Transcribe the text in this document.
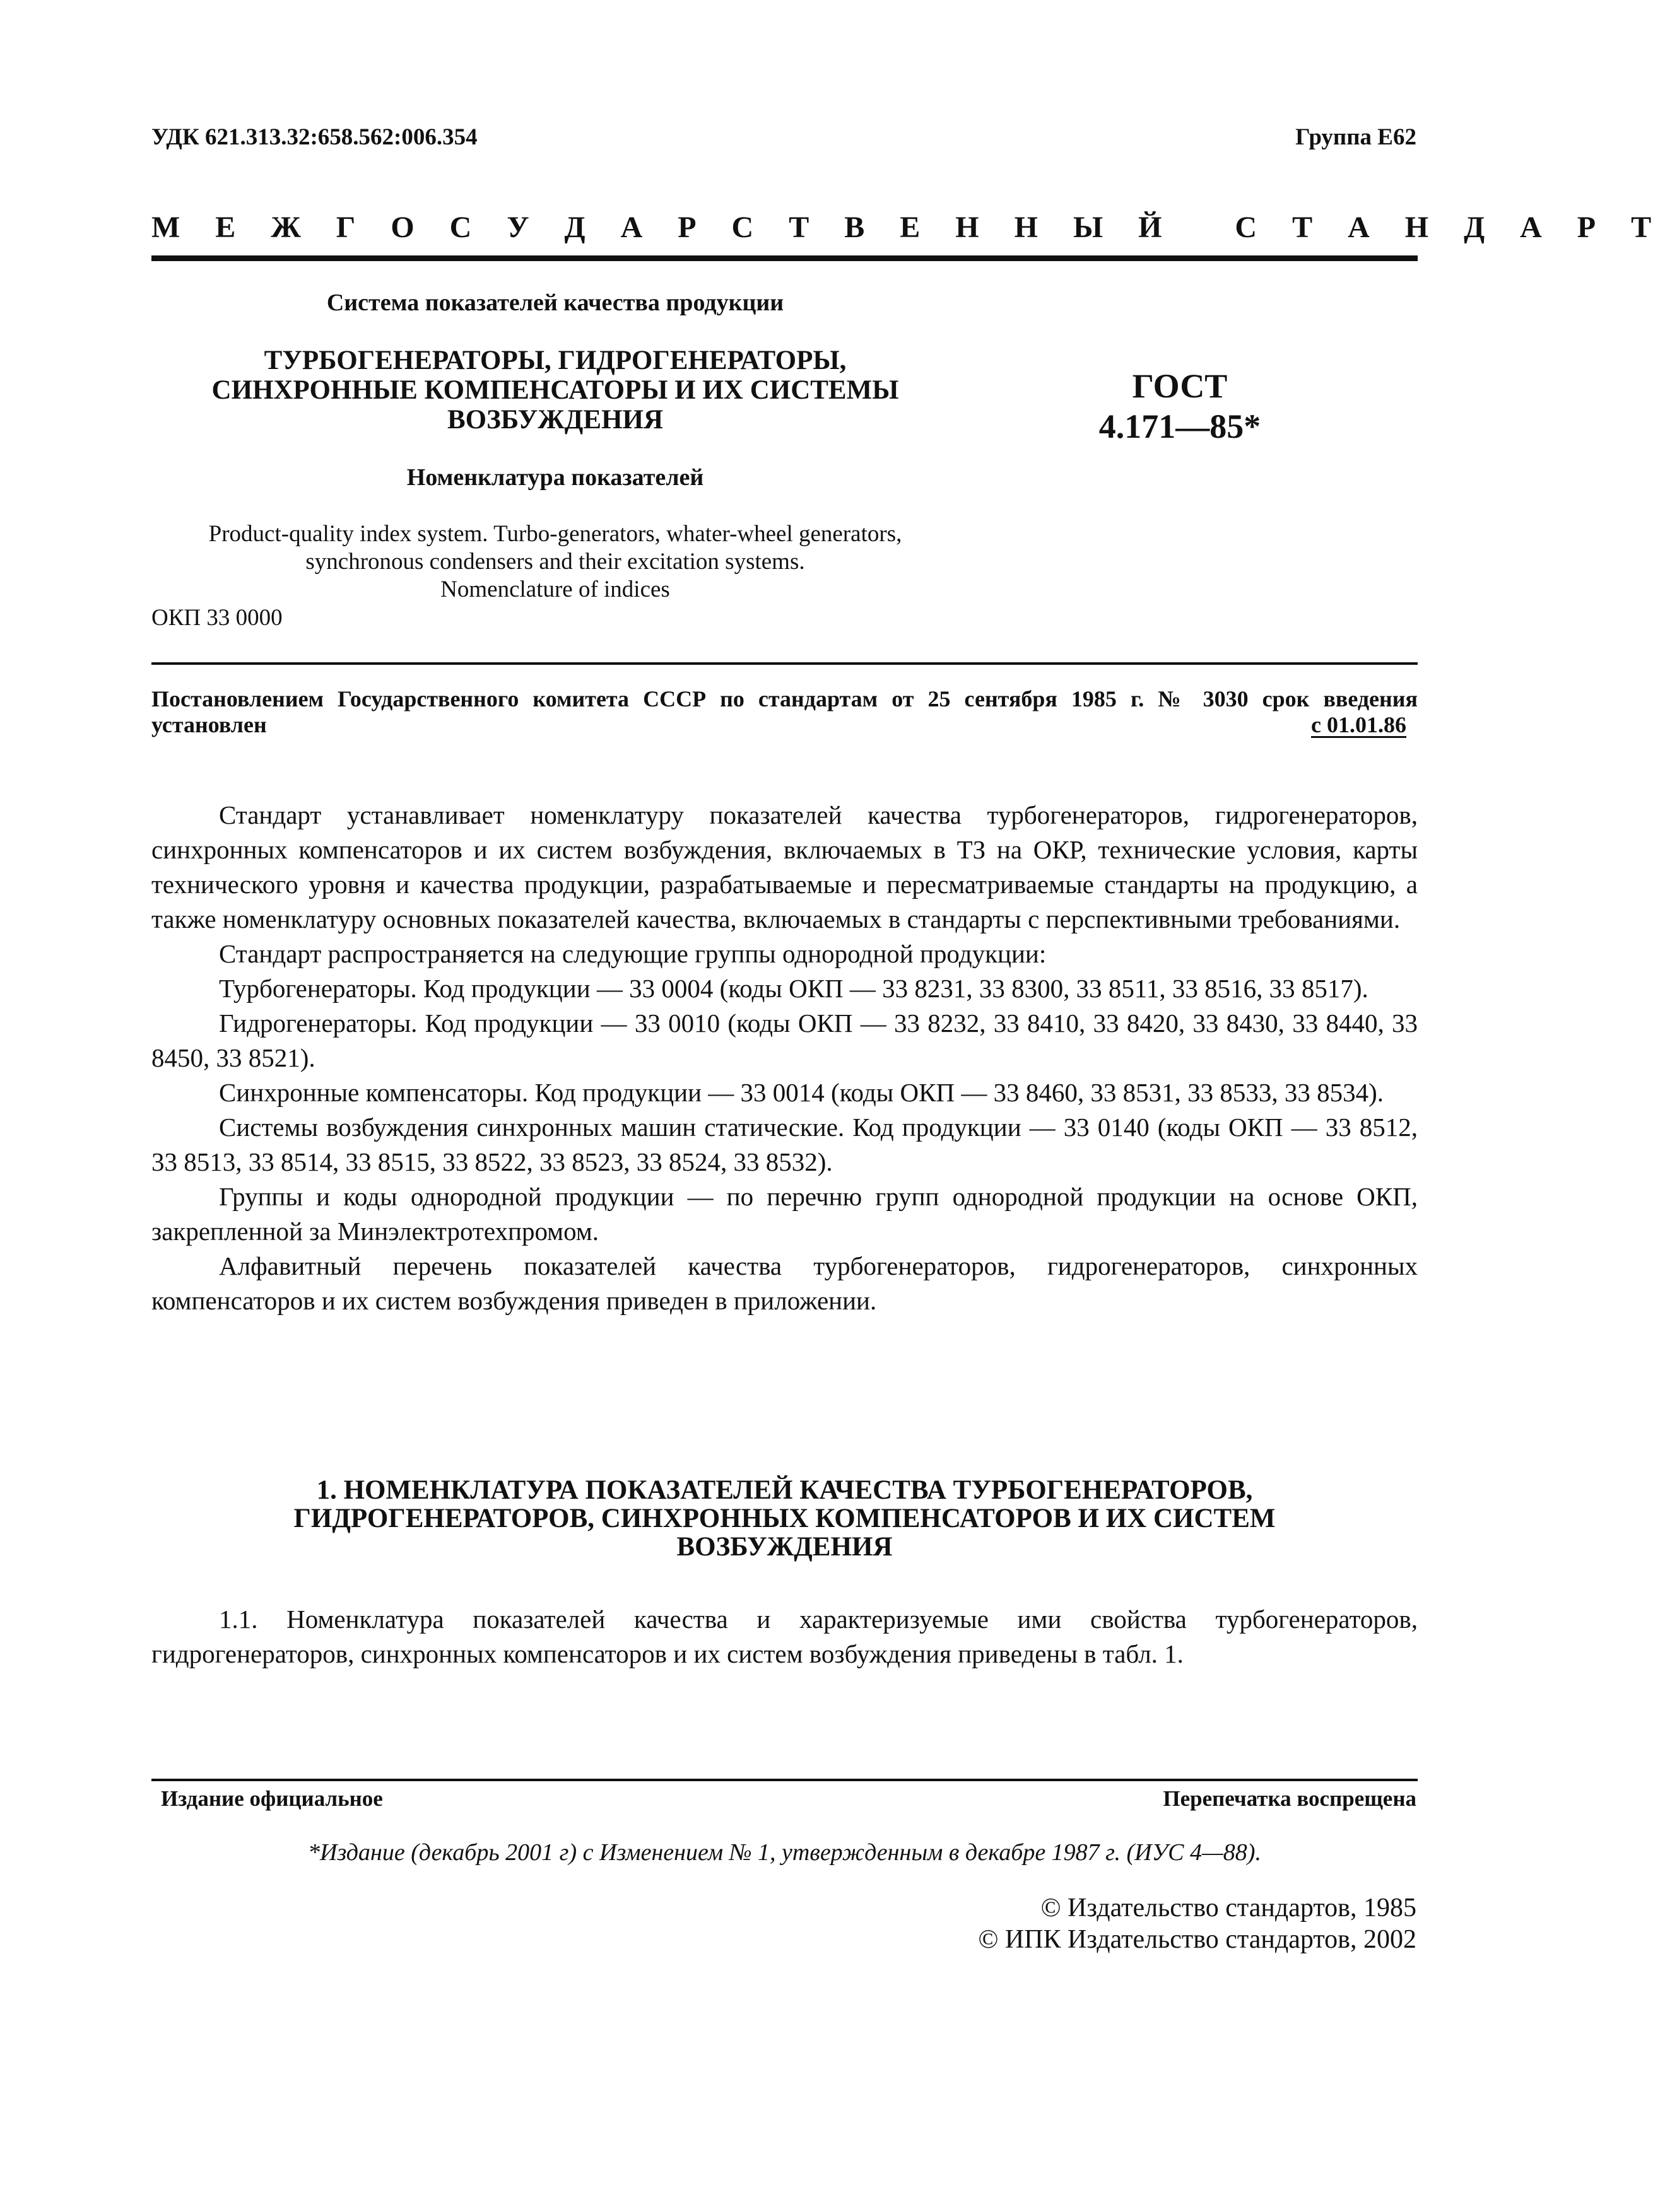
УДК 621.313.32:658.562:006.354	Группа Е62
М Е Ж Г О С У Д А Р С Т В Е Н Н Ы Й С Т А Н Д А Р Т
Система показателей качества продукции
ТУРБОГЕНЕРАТОРЫ, ГИДРОГЕНЕРАТОРЫ,
СИНХРОННЫЕ КОМПЕНСАТОРЫ И ИХ СИСТЕМЫ
ВОЗБУЖДЕНИЯ
ГОСТ
4.171—85*
Номенклатура показателей
Product-quality index system. Turbo-generators, whater-wheel generators,
synchronous condensers and their excitation systems.
Nomenclature of indices
ОКП 33 0000
Постановлением Государственного комитета СССР по стандартам от 25 сентября 1985 г. № 3030 срок введения
установлен	с 01.01.86

Стандарт устанавливает номенклатуру показателей качества турбогенераторов, гидрогенераторов, синхронных компенсаторов и их систем возбуждения, включаемых в ТЗ на ОКР, технические условия, карты технического уровня и качества продукции, разрабатываемые и пересматриваемые стандарты на продукцию, а также номенклатуру основных показателей качества, включаемых в стандарты с перспективными требованиями.

Стандарт распространяется на следующие группы однородной продукции:

Турбогенераторы. Код продукции — 33 0004 (коды ОКП — 33 8231, 33 8300, 33 8511, 33 8516, 33 8517).

Гидрогенераторы. Код продукции — 33 0010 (коды ОКП — 33 8232, 33 8410, 33 8420, 33 8430, 33 8440, 33 8450, 33 8521).

Синхронные компенсаторы. Код продукции — 33 0014 (коды ОКП — 33 8460, 33 8531, 33 8533, 33 8534).

Системы возбуждения синхронных машин статические. Код продукции — 33 0140 (коды ОКП — 33 8512, 33 8513, 33 8514, 33 8515, 33 8522, 33 8523, 33 8524, 33 8532).

Группы и коды однородной продукции — по перечню групп однородной продукции на основе ОКП, закрепленной за Минэлектротехпромом.

Алфавитный перечень показателей качества турбогенераторов, гидрогенераторов, синхронных компенсаторов и их систем возбуждения приведен в приложении.

1. НОМЕНКЛАТУРА ПОКАЗАТЕЛЕЙ КАЧЕСТВА ТУРБОГЕНЕРАТОРОВ,
ГИДРОГЕНЕРАТОРОВ, СИНХРОННЫХ КОМПЕНСАТОРОВ И ИХ СИСТЕМ
ВОЗБУЖДЕНИЯ

1.1. Номенклатура показателей качества и характеризуемые ими свойства турбогенераторов, гидрогенераторов, синхронных компенсаторов и их систем возбуждения приведены в табл. 1.

Издание официальное	Перепечатка воспрещена
*Издание (декабрь 2001 г) с Изменением № 1, утвержденным в декабре 1987 г. (ИУС 4—88).
© Издательство стандартов, 1985
© ИПК Издательство стандартов, 2002
